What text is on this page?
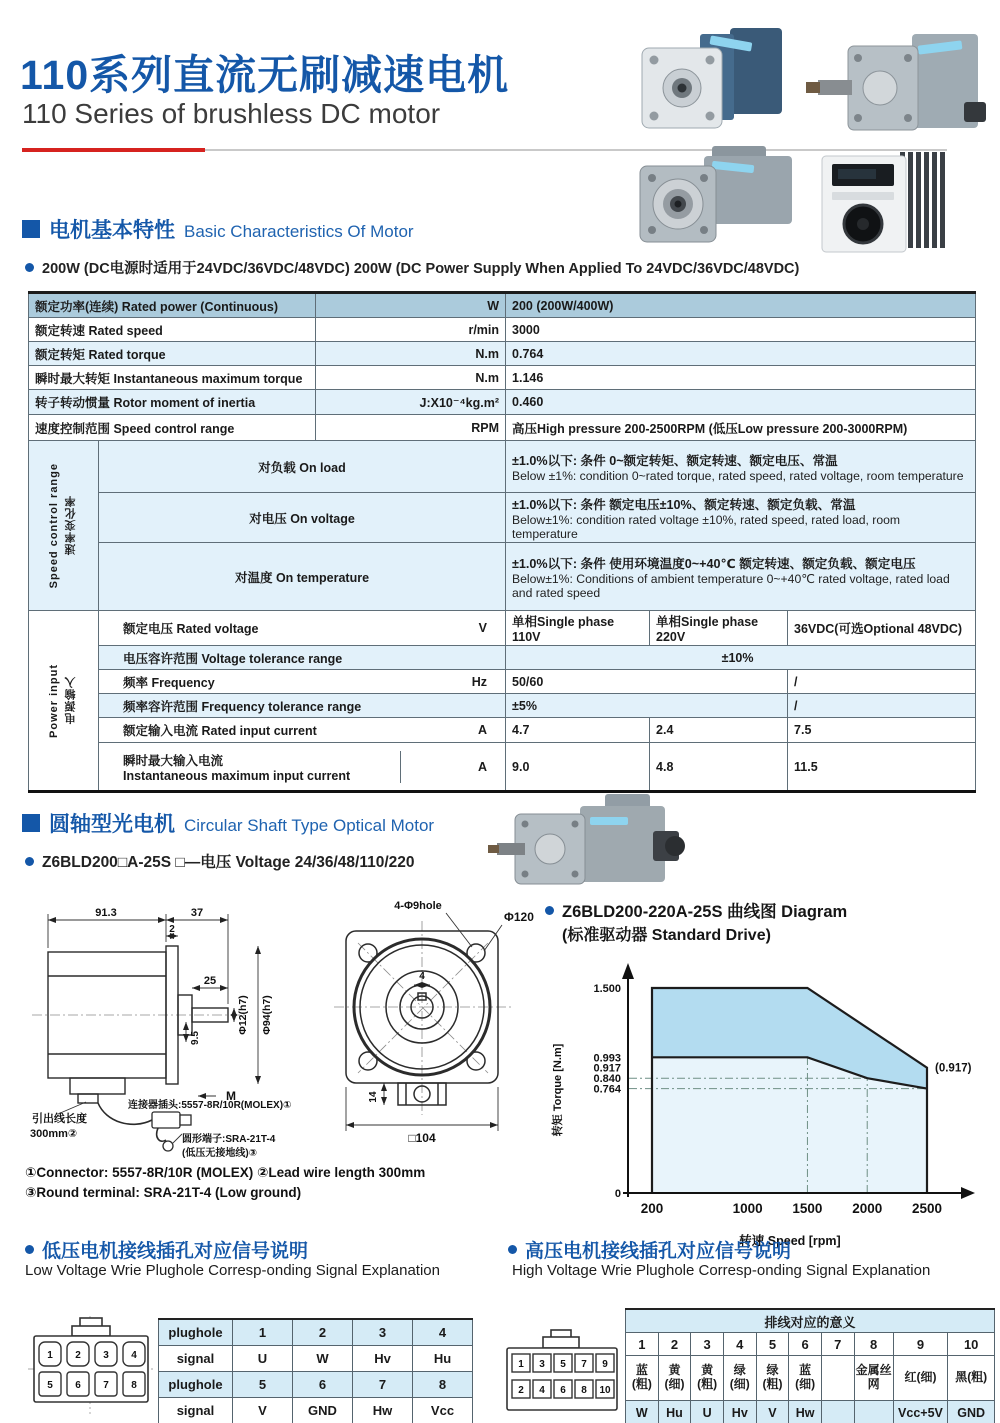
110系列直流无刷减速电机
110 Series of brushless DC motor
电机基本特性 Basic Characteristics Of Motor
200W (DC电源时适用于24VDC/36VDC/48VDC) 200W (DC Power Supply When Applied To 24VDC/36VDC/48VDC)
额定功率(连续) Rated power (Continuous)		W	200 (200W/400W)		
额定转速 Rated speed		r/min	3000		
额定转矩 Rated torque		N.m	0.764		
瞬时最大转矩 Instantaneous maximum torque		N.m	1.146		
转子转动惯量 Rotor moment of inertia		J:X10⁻⁴kg.m²	0.460		
速度控制范围 Speed control range		RPM	高压High pressure 200-2500RPM (低压Low pressure 200-3000RPM)		

Speed control range 速率变化率
	对负载 On load	±1.0%以下: 条件 0~额定转矩、额定转速、额定电压、常温
Below ±1%: condition 0~rated torque, rated speed, rated voltage, room temperature

	对电压 On voltage		±1.0%以下: 条件 额定电压±10%、额定转速、额定负载、常温
Below±1%: condition rated voltage ±10%, rated speed, rated load, room temperature		

	对温度 On temperature		±1.0%以下: 条件 使用环境温度0~+40℃ 额定转速、额定负载、额定电压
Below±1%: Conditions of ambient temperature 0~+40℃ rated voltage, rated load and rated speed		

Power input 电源输入	额定电压 Rated voltage V		单相Single phase 110V	单相Single phase 220V	36VDC(可选Optional 48VDC)

	电压容许范围 Voltage tolerance range		±10%		

	频率 Frequency Hz		50/60		/

	频率容许范围 Frequency tolerance range		±5%		/

	额定输入电流 Rated input current A		4.7	2.4	7.5

	瞬时最大输入电流
Instantaneous maximum input current
A		9.0	4.8	11.5
圆轴型光电机 Circular Shaft Type Optical Motor
Z6BLD200□A-25S □—电压 Voltage 24/36/48/110/220
91.3	37
2
25
9.5
Φ12(h7) Φ94(h7)
M
连接器插头:5557-8R/10R(MOLEX)①
引出线长度
300mm②	圆形端子:SRA-21T-4
(低压无接地线)③
4-Φ9hole
Φ120
4
14
□104
①Connector: 5557-8R/10R (MOLEX) ②Lead wire length 300mm
③Round terminal: SRA-21T-4 (Low ground)
Z6BLD200-220A-25S 曲线图 Diagram
(标准驱动器 Standard Drive)
0
0.764
0.840
0.917
0.993
1.500
200	1000 1500 2000 2500
(0.917)
转矩 Torque [N.m]
转速 Speed [rpm]
低压电机接线插孔对应信号说明
Low Voltage Wrie Plughole Corresp-onding Signal Explanation
1 2 3 4
5 6 7 8
plughole	1	2	3	4
signal	U	W	Hv	Hu
plughole	5	6	7	8
signal	V	GND	Hw	Vcc
高压电机接线插孔对应信号说明
High Voltage Wrie Plughole Corresp-onding Signal Explanation
1 3 5 7 9
2 4 6 8 10
排线对应的意义									
1	2	3	4	5	6	7	8	9	10
蓝(粗)	黄(细)	黄(粗)	绿(细)	绿(粗)	蓝(细)		金属丝网	红(细)	黑(粗)
W	Hu	U	Hv	V	Hw			Vcc+5V	GND
